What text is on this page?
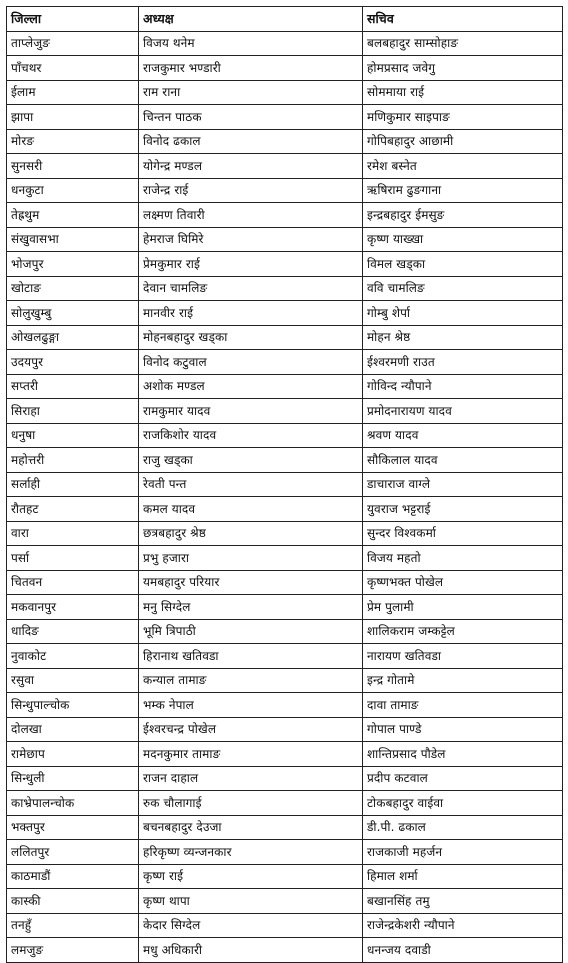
जिल्ला	अध्यक्ष	सचिव
ताप्लेजुङ	विजय थनेम	बलबहादुर साम्सोहाङ
पाँचथर	राजकुमार भण्डारी	होमप्रसाद जवेगु
ईलाम	राम राना	सोममाया राई
झापा	चिन्तन पाठक	मणिकुमार साइपाङ
मोरङ	विनोद ढकाल	गोपिबहादुर आछामी
सुनसरी	योगेन्द्र मण्डल	रमेश बस्नेत
धनकुटा	राजेन्द्र राई	ऋषिराम ढुङगाना
तेह्रथुम	लक्ष्मण तिवारी	इन्द्रबहादुर ईमसुङ
संखुवासभा	हेमराज घिमिरे	कृष्ण याख्खा
भोजपुर	प्रेमकुमार राई	विमल खड्का
खोटाङ	देवान चामलिङ	ववि चामलिङ
सोलुखुम्बु	मानवीर राई	गोम्बु शेर्पा
ओखलढुङ्गा	मोहनबहादुर खड्का	मोहन श्रेष्ठ
उदयपुर	विनोद कटुवाल	ईश्वरमणी राउत
सप्तरी	अशोक मण्डल	गोविन्द न्यौपाने
सिराहा	रामकुमार यादव	प्रमोदनारायण यादव
धनुषा	राजकिशोर यादव	श्रवण यादव
महोत्तरी	राजु खड्का	सौकिलाल यादव
सर्लाही	रेवती पन्त	डाचाराज वाग्ले
रौतहट	कमल यादव	युवराज भट्टराई
वारा	छत्रबहादुर श्रेष्ठ	सुन्दर विश्वकर्मा
पर्सा	प्रभु हजारा	विजय महतो
चितवन	यमबहादुर परियार	कृष्णभक्त पोखेल
मकवानपुर	मनु सिग्देल	प्रेम पुलामी
धादिङ	भूमि त्रिपाठी	शालिकराम जम्कट्टेल
नुवाकोट	हिरानाथ खतिवडा	नारायण खतिवडा
रसुवा	कन्याल तामाङ	इन्द्र गोतामे
सिन्धुपाल्चोक	भम्क नेपाल	दावा तामाङ
दोलखा	ईश्वरचन्द्र पोखेल	गोपाल पाण्डे
रामेछाप	मदनकुमार तामाङ	शान्तिप्रसाद पौडेल
सिन्धुली	राजन दाहाल	प्रदीप कटवाल
काभ्रेपालन्चोक	रुक चौलागाई	टोकबहादुर वाईवा
भक्तपुर	बचनबहादुर देउजा	डी.पी. ढकाल
ललितपुर	हरिकृष्ण व्यन्जनकार	राजकाजी महर्जन
काठमाडौं	कृष्ण राई	हिमाल शर्मा
कास्की	कृष्ण थापा	बखानसिंह तमु
तनहुँ	केदार सिग्देल	राजेन्द्रकेशरी न्यौपाने
लमजुङ	मधु अधिकारी	धनन्जय दवाडी
